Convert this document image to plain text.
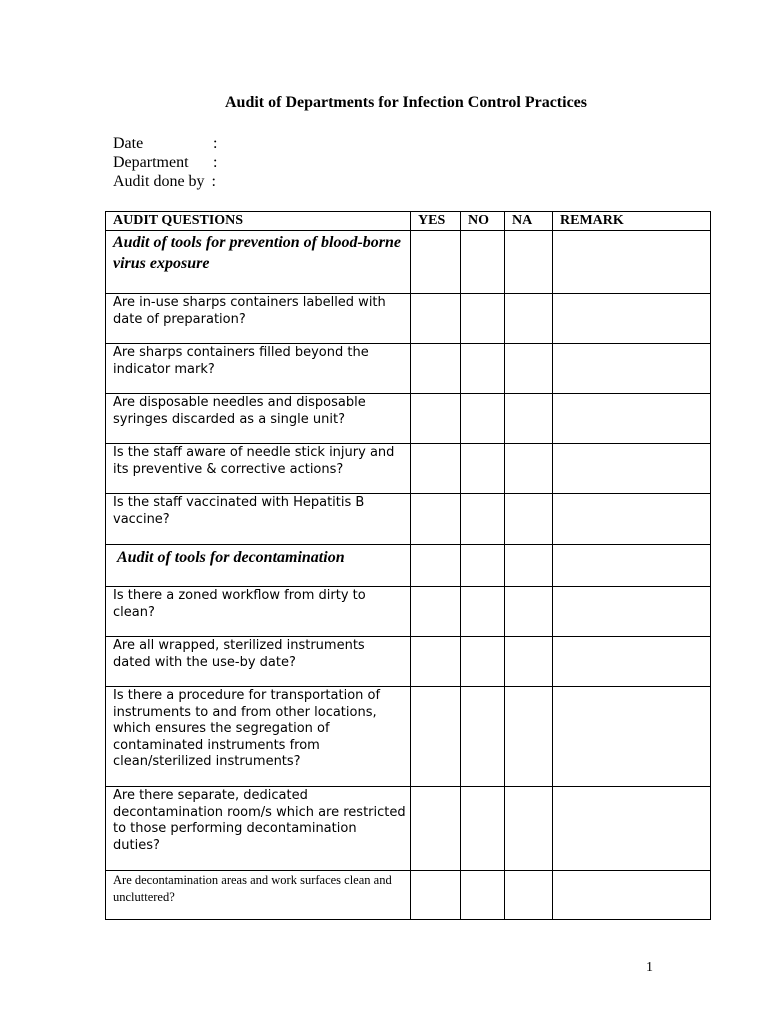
Audit of Departments for Infection Control Practices
Date	:
Department :
Audit done by :
AUDIT QUESTIONS	YES	NO	NA	REMARK
Audit of tools for prevention of blood-borne virus exposure				
Are in-use sharps containers labelled with date of preparation?				
Are sharps containers filled beyond the indicator mark?				
Are disposable needles and disposable syringes discarded as a single unit?				
Is the staff aware of needle stick injury and its preventive & corrective actions?				
Is the staff vaccinated with Hepatitis B vaccine?				
Audit of tools for decontamination				
Is there a zoned workflow from dirty to clean?				
Are all wrapped, sterilized instruments dated with the use-by date?				
Is there a procedure for transportation of instruments to and from other locations, which ensures the segregation of contaminated instruments from clean/sterilized instruments?				
Are there separate, dedicated decontamination room/s which are restricted to those performing decontamination duties?				
Are decontamination areas and work surfaces clean and uncluttered?				
1
